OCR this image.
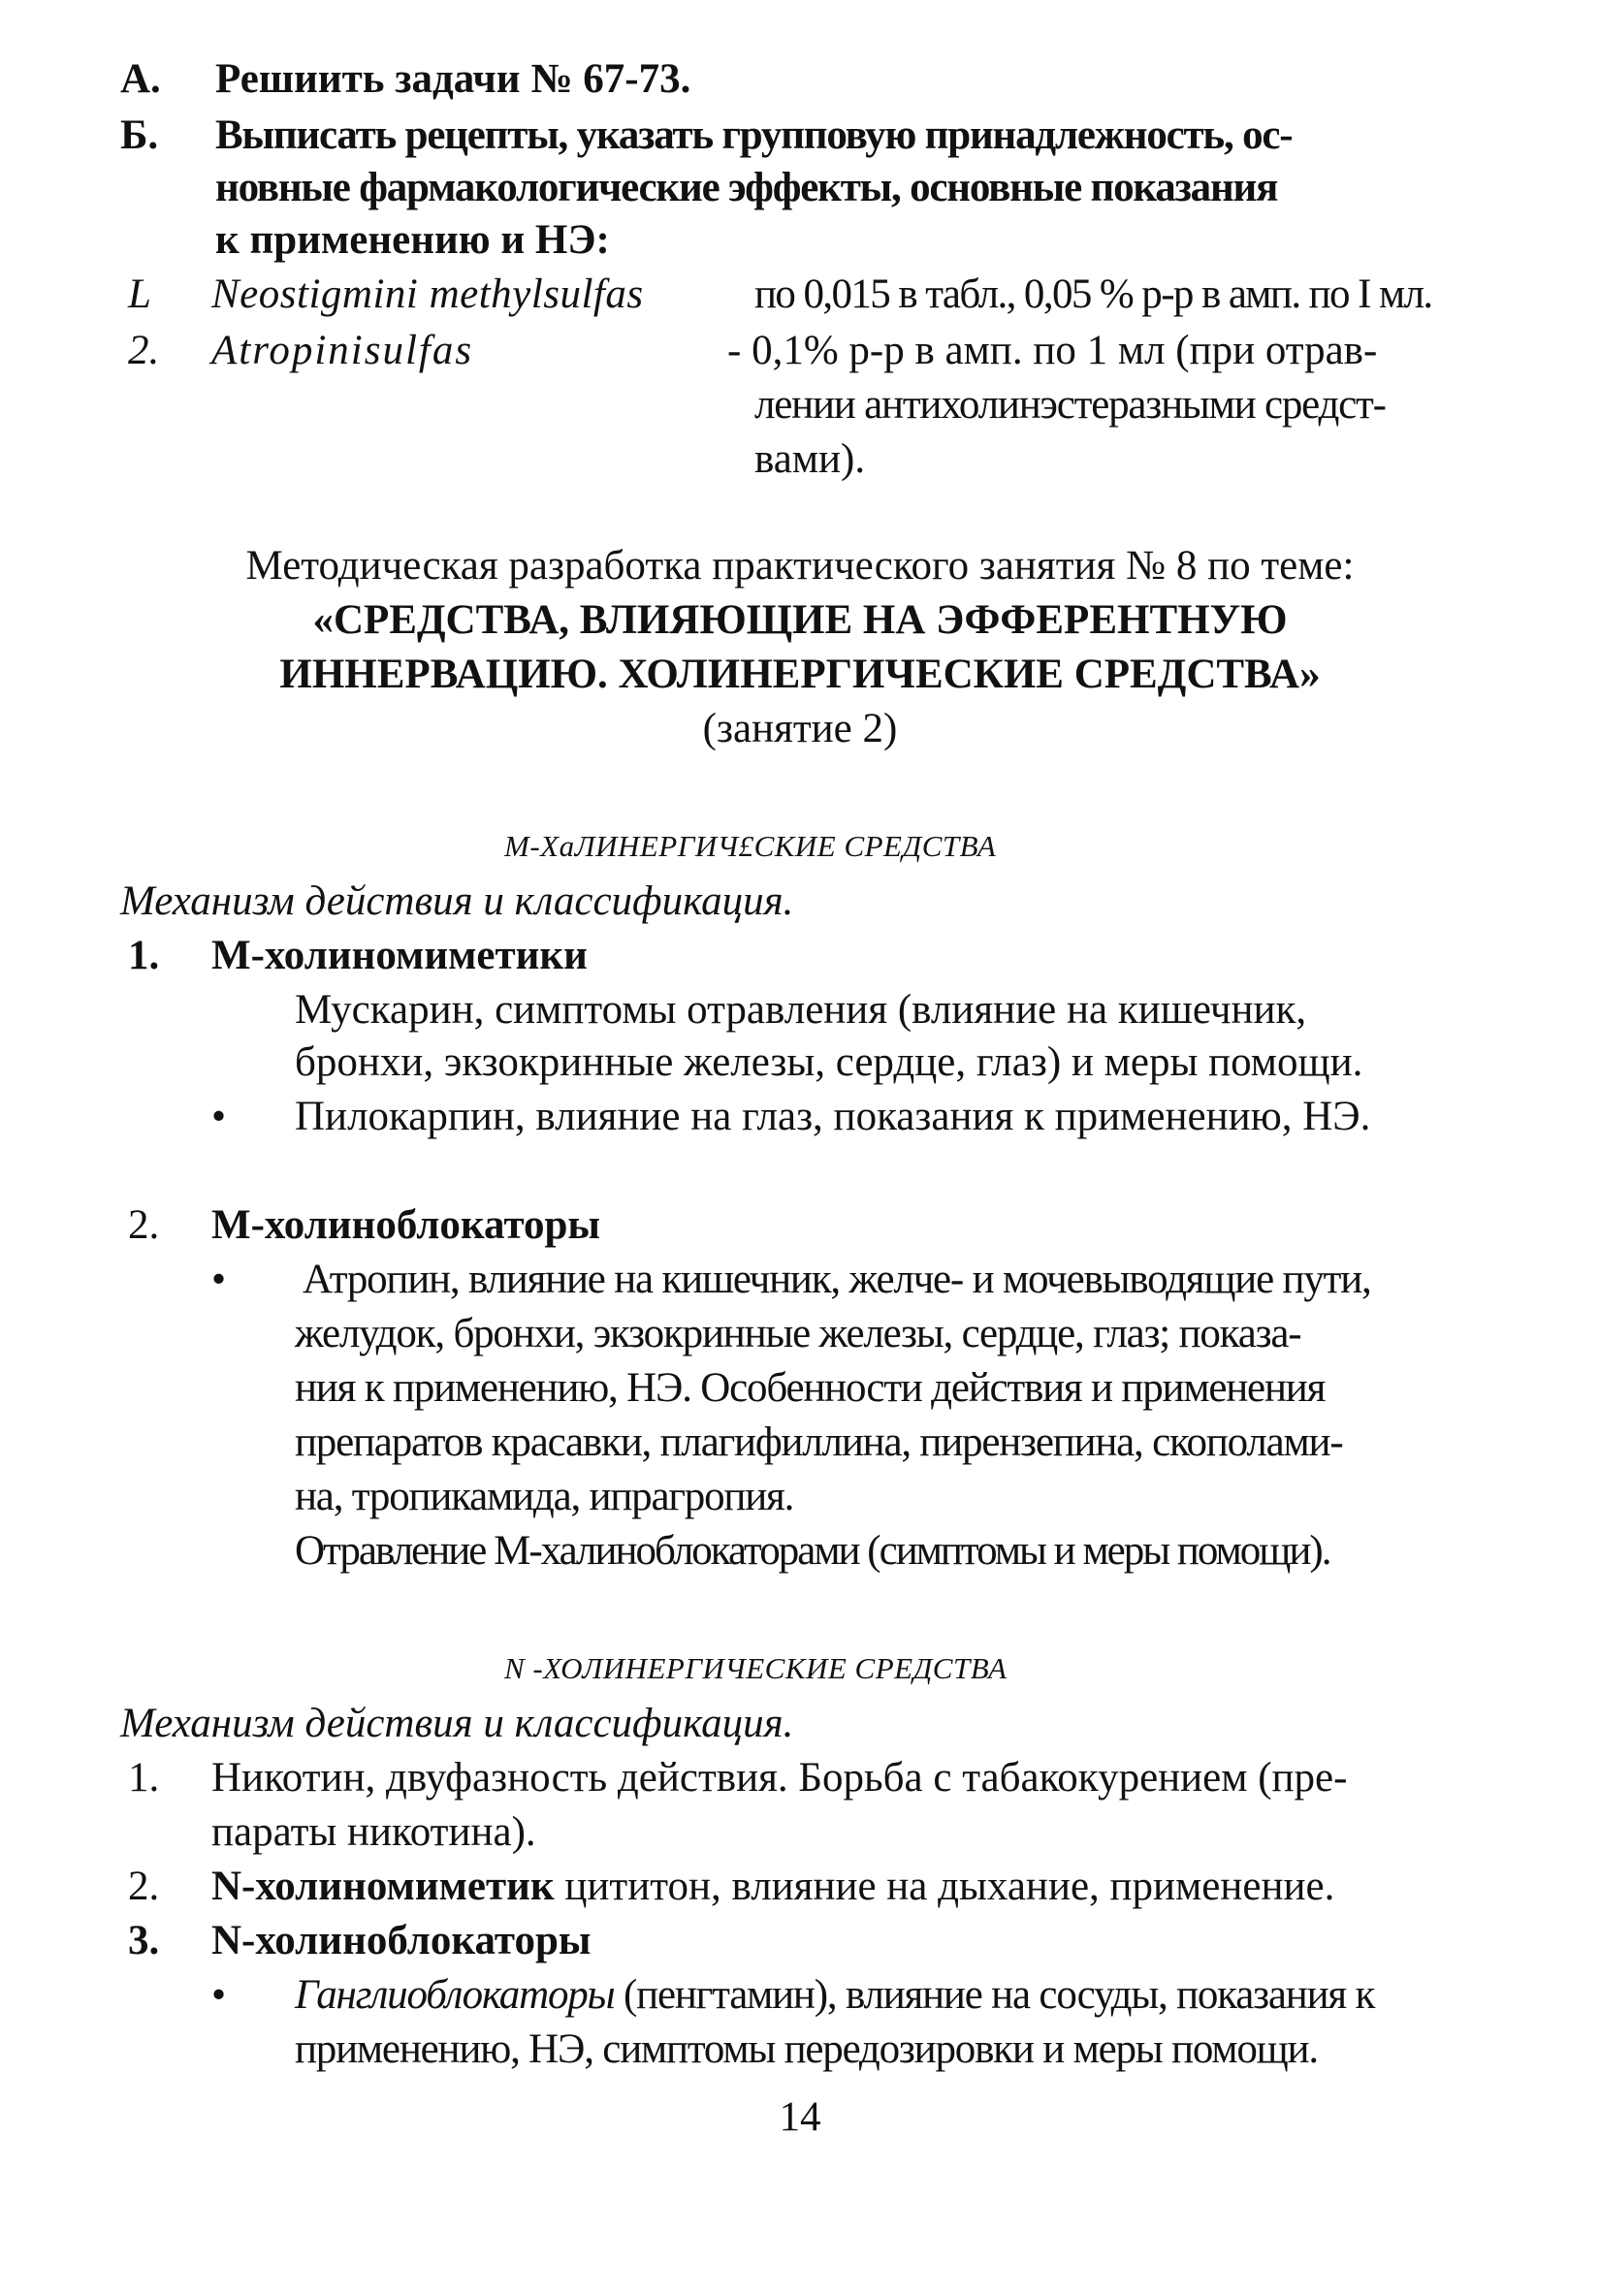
А. Решиить задачи № 67-73.
Б. Выписать рецепты, указать групповую принадлежность, ос-
новные фармакологические эффекты, основные показания
к применению и НЭ:
L Neostigmini methylsulfas	по 0,015 в табл., 0,05 % р-р в амп. по I мл.
2. Atropinisulfas	- 0,1% р-р в амп. по 1 мл (при отрав-
лении антихолинэстеразными средст-
вами).
Методическая разработка практического занятия № 8 по теме:
«СРЕДСТВА, ВЛИЯЮЩИЕ НА ЭФФЕРЕНТНУЮ
ИННЕРВАЦИЮ. ХОЛИНЕРГИЧЕСКИЕ СРЕДСТВА»
(занятие 2)
М-ХаЛИНЕРГИЧ£СКИЕ СРЕДСТВА
Механизм действия и классификация.
1. М-холиномиметики
Мускарин, симптомы отравления (влияние на кишечник,
бронхи, экзокринные железы, сердце, глаз) и меры помощи.
• Пилокарпин, влияние на глаз, показания к применению, НЭ.
2. М-холиноблокаторы
• Атропин, влияние на кишечник, желче- и мочевыводящие пути,
желудок, бронхи, экзокринные железы, сердце, глаз; показа-
ния к применению, НЭ. Особенности действия и применения
препаратов красавки, плагифиллина, пирензепина, скополами-
на, тропикамида, ипрагропия.
Отравление М-халиноблокаторами (симптомы и меры помощи).
N -ХОЛИНЕРГИЧЕСКИЕ СРЕДСТВА
Механизм действия и классификация.
1. Никотин, двуфазность действия. Борьба с табакокурением (пре-
параты никотина).
2. N-холиномиметик цититон, влияние на дыхание, применение.
3. N-холиноблокаторы
• Ганглиоблокаторы (пенгтамин), влияние на сосуды, показания к
применению, НЭ, симптомы передозировки и меры помощи.
14
